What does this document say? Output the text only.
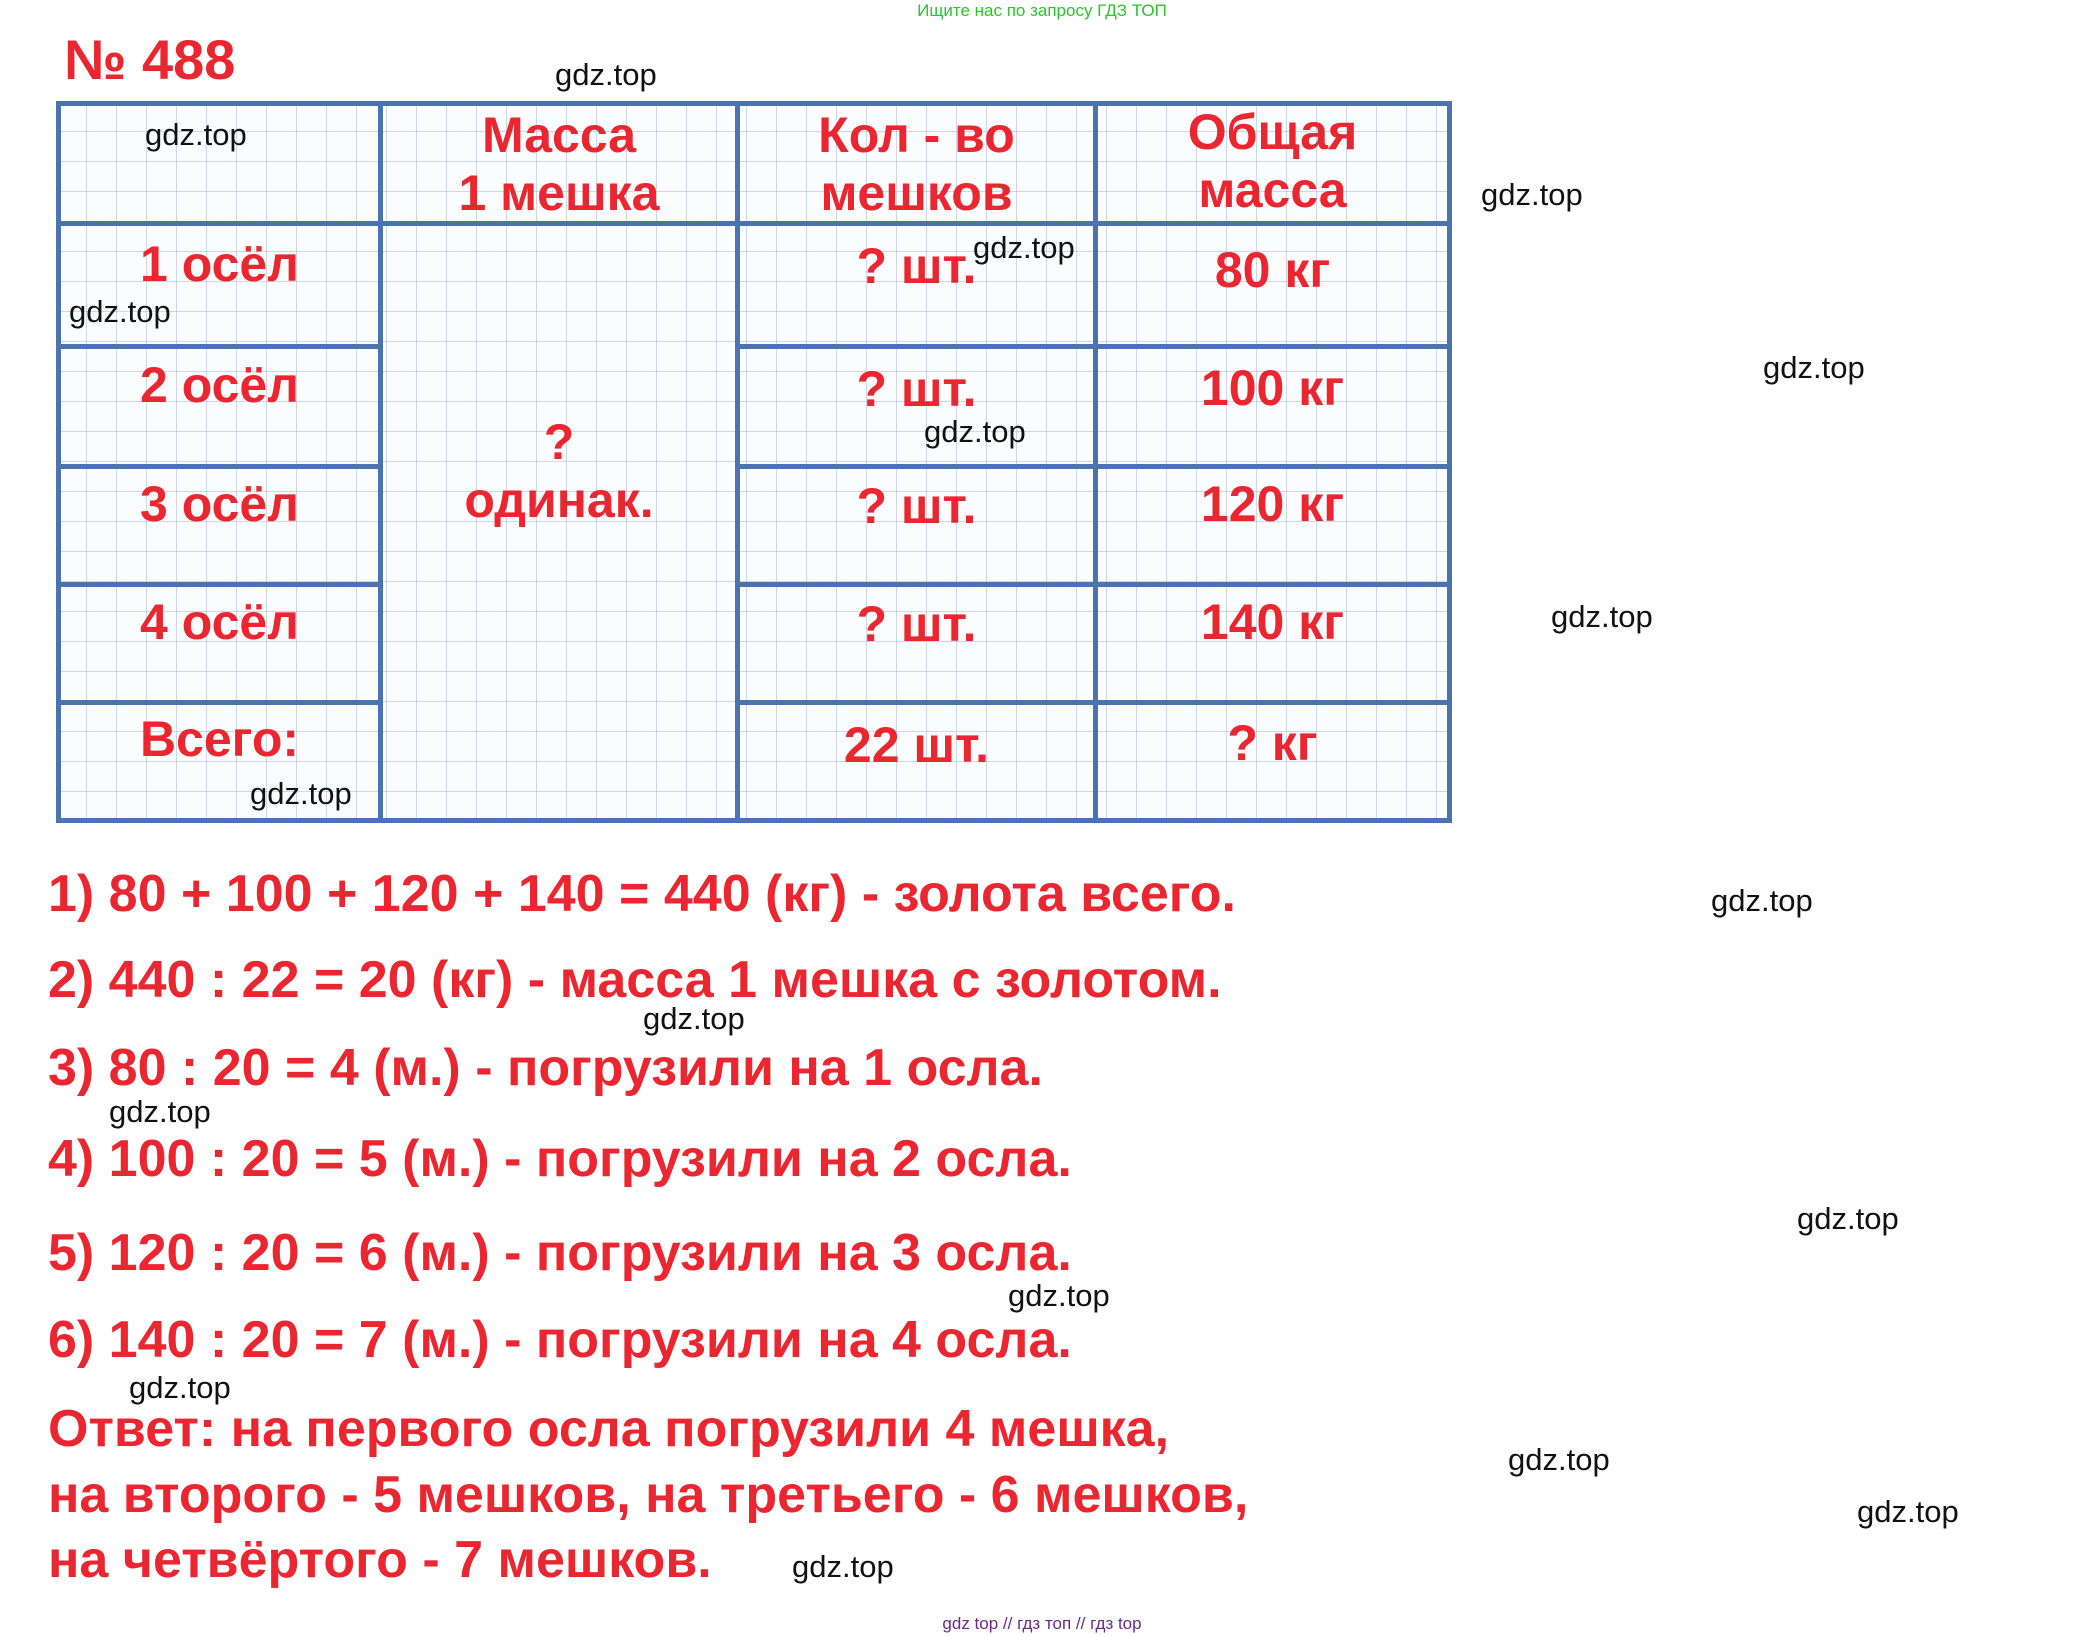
Ищите нас по запросу ГДЗ ТОП
№ 488
Масса
1 мешка
Кол - во
мешков
Общая
масса
1 осёл
2 осёл
3 осёл
4 осёл
Всего:
?
одинак.
? шт.
? шт.
? шт.
? шт.
22 шт.
80 кг
100 кг
120 кг
140 кг
? кг
1) 80 + 100 + 120 + 140 = 440 (кг) - золота всего.
2) 440 : 22 = 20 (кг) - масса 1 мешка с золотом.
3) 80 : 20 = 4 (м.) - погрузили на 1 осла.
4) 100 : 20 = 5 (м.) - погрузили на 2 осла.
5) 120 : 20 = 6 (м.) - погрузили на 3 осла.
6) 140 : 20 = 7 (м.) - погрузили на 4 осла.
Ответ: на первого осла погрузили 4 мешка,
на второго - 5 мешков, на третьего - 6 мешков,
на четвёртого - 7 мешков.
gdz.top
gdz.top
gdz.top
gdz.top
gdz.top
gdz.top
gdz.top
gdz.top
gdz.top
gdz.top
gdz.top
gdz.top
gdz.top
gdz.top
gdz.top
gdz.top
gdz.top
gdz.top
gdz top // гдз топ // гдз top
